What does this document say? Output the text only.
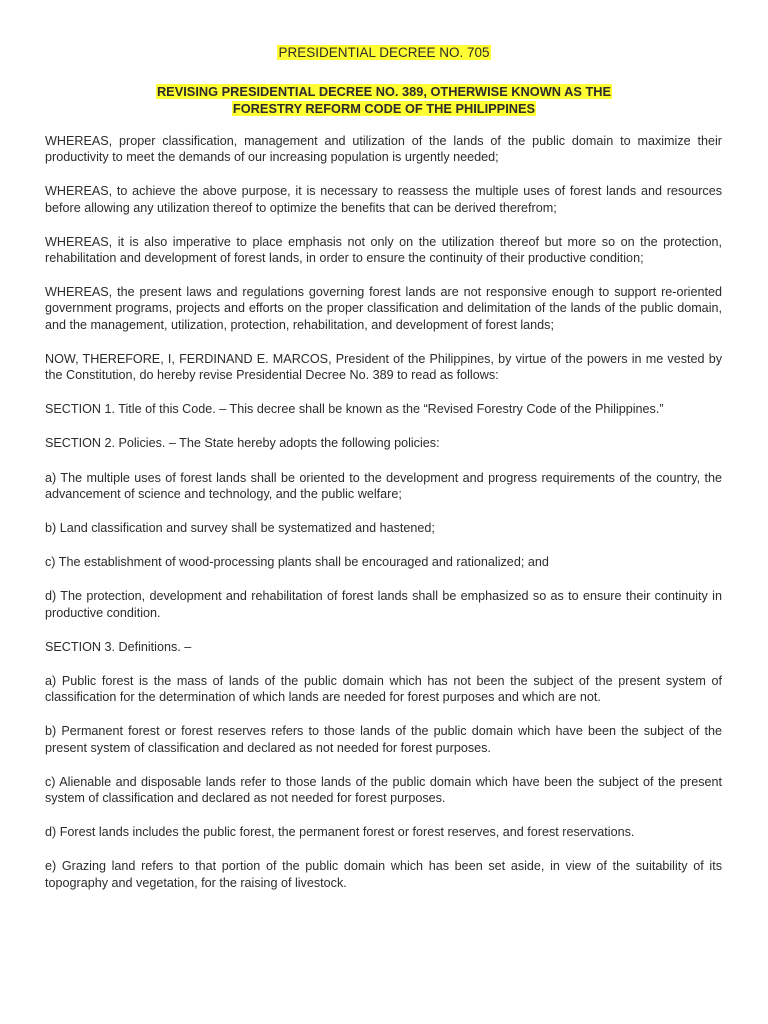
PRESIDENTIAL DECREE NO. 705
REVISING PRESIDENTIAL DECREE NO. 389, OTHERWISE KNOWN AS THE
FORESTRY REFORM CODE OF THE PHILIPPINES

WHEREAS, proper classification, management and utilization of the lands of the public domain to maximize their productivity to meet the demands of our increasing population is urgently needed;

WHEREAS, to achieve the above purpose, it is necessary to reassess the multiple uses of forest lands and resources before allowing any utilization thereof to optimize the benefits that can be derived therefrom;

WHEREAS, it is also imperative to place emphasis not only on the utilization thereof but more so on the protection, rehabilitation and development of forest lands, in order to ensure the continuity of their productive condition;

WHEREAS, the present laws and regulations governing forest lands are not responsive enough to support re-oriented government programs, projects and efforts on the proper classification and delimitation of the lands of the public domain, and the management, utilization, protection, rehabilitation, and development of forest lands;

NOW, THEREFORE, I, FERDINAND E. MARCOS, President of the Philippines, by virtue of the powers in me vested by the Constitution, do hereby revise Presidential Decree No. 389 to read as follows:

SECTION 1. Title of this Code. – This decree shall be known as the “Revised Forestry Code of the Philippines.”

SECTION 2. Policies. – The State hereby adopts the following policies:

a) The multiple uses of forest lands shall be oriented to the development and progress requirements of the country, the advancement of science and technology, and the public welfare;

b) Land classification and survey shall be systematized and hastened;

c) The establishment of wood-processing plants shall be encouraged and rationalized; and

d) The protection, development and rehabilitation of forest lands shall be emphasized so as to ensure their continuity in productive condition.

SECTION 3. Definitions. –

a) Public forest is the mass of lands of the public domain which has not been the subject of the present system of classification for the determination of which lands are needed for forest purposes and which are not.

b) Permanent forest or forest reserves refers to those lands of the public domain which have been the subject of the present system of classification and declared as not needed for forest purposes.

c) Alienable and disposable lands refer to those lands of the public domain which have been the subject of the present system of classification and declared as not needed for forest purposes.

d) Forest lands includes the public forest, the permanent forest or forest reserves, and forest reservations.

e) Grazing land refers to that portion of the public domain which has been set aside, in view of the suitability of its topography and vegetation, for the raising of livestock.
